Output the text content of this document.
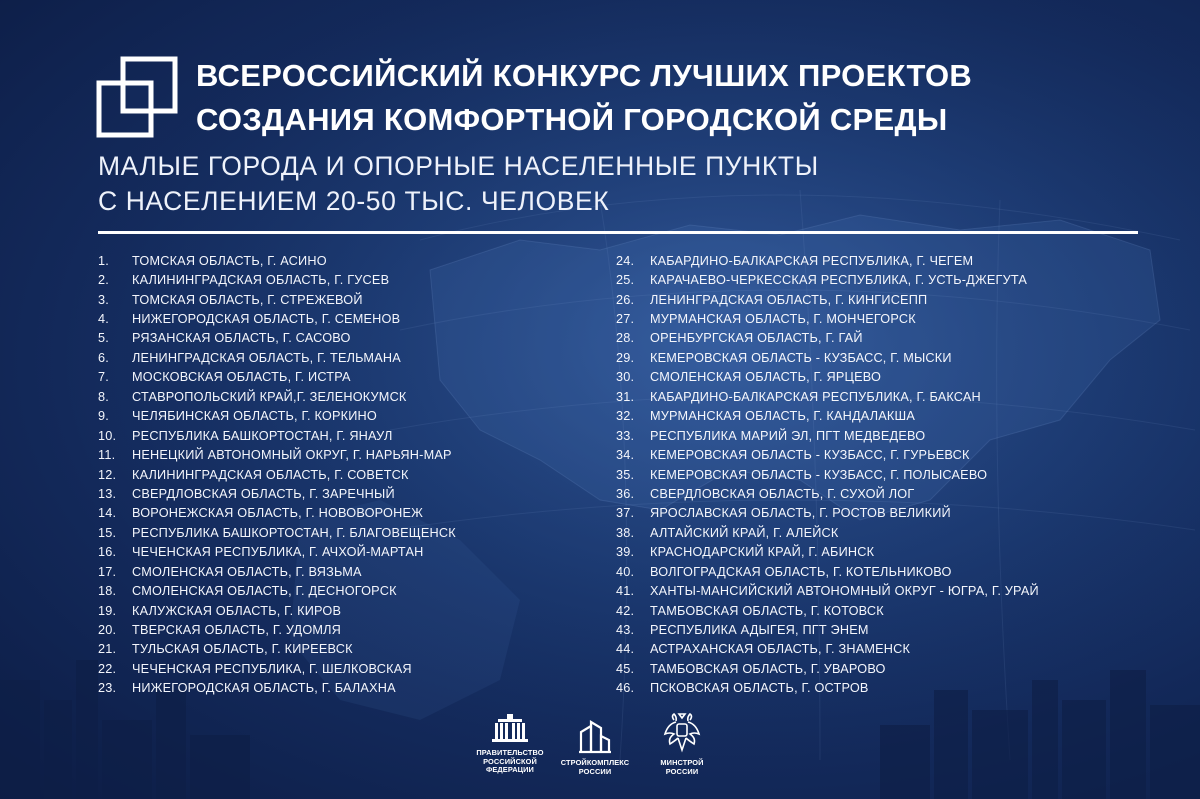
ВСЕРОССИЙСКИЙ КОНКУРС ЛУЧШИХ ПРОЕКТОВ
СОЗДАНИЯ КОМФОРТНОЙ ГОРОДСКОЙ СРЕДЫ

МАЛЫЕ ГОРОДА И ОПОРНЫЕ НАСЕЛЕННЫЕ ПУНКТЫ

С НАСЕЛЕНИЕМ 20-50 ТЫС. ЧЕЛОВЕК

1.	ТОМСКАЯ ОБЛАСТЬ, Г. АСИНО
2.	КАЛИНИНГРАДСКАЯ ОБЛАСТЬ, Г. ГУСЕВ
3.	ТОМСКАЯ ОБЛАСТЬ, Г. СТРЕЖЕВОЙ
4.	НИЖЕГОРОДСКАЯ ОБЛАСТЬ, Г. СЕМЕНОВ
5.	РЯЗАНСКАЯ ОБЛАСТЬ, Г. САСОВО
6.	ЛЕНИНГРАДСКАЯ ОБЛАСТЬ, Г. ТЕЛЬМАНА
7.	МОСКОВСКАЯ ОБЛАСТЬ, Г. ИСТРА
8.	СТАВРОПОЛЬСКИЙ КРАЙ,Г. ЗЕЛЕНОКУМСК
9.	ЧЕЛЯБИНСКАЯ ОБЛАСТЬ, Г. КОРКИНО
10.	РЕСПУБЛИКА БАШКОРТОСТАН, Г. ЯНАУЛ
11.	НЕНЕЦКИЙ АВТОНОМНЫЙ ОКРУГ, Г. НАРЬЯН-МАР
12.	КАЛИНИНГРАДСКАЯ ОБЛАСТЬ, Г. СОВЕТСК
13.	СВЕРДЛОВСКАЯ ОБЛАСТЬ, Г. ЗАРЕЧНЫЙ
14.	ВОРОНЕЖСКАЯ ОБЛАСТЬ, Г. НОВОВОРОНЕЖ
15.	РЕСПУБЛИКА БАШКОРТОСТАН, Г. БЛАГОВЕЩЕНСК
16.	ЧЕЧЕНСКАЯ РЕСПУБЛИКА, Г. АЧХОЙ-МАРТАН
17.	СМОЛЕНСКАЯ ОБЛАСТЬ, Г. ВЯЗЬМА
18.	СМОЛЕНСКАЯ ОБЛАСТЬ, Г. ДЕСНОГОРСК
19.	КАЛУЖСКАЯ ОБЛАСТЬ, Г. КИРОВ
20.	ТВЕРСКАЯ ОБЛАСТЬ, Г. УДОМЛЯ
21.	ТУЛЬСКАЯ ОБЛАСТЬ, Г. КИРЕЕВСК
22.	ЧЕЧЕНСКАЯ РЕСПУБЛИКА, Г. ШЕЛКОВСКАЯ
23.	НИЖЕГОРОДСКАЯ ОБЛАСТЬ, Г. БАЛАХНА
24.	КАБАРДИНО-БАЛКАРСКАЯ РЕСПУБЛИКА, Г. ЧЕГЕМ
25.	КАРАЧАЕВО-ЧЕРКЕССКАЯ РЕСПУБЛИКА, Г. УСТЬ-ДЖЕГУТА
26.	ЛЕНИНГРАДСКАЯ ОБЛАСТЬ, Г. КИНГИСЕПП
27.	МУРМАНСКАЯ ОБЛАСТЬ, Г. МОНЧЕГОРСК
28.	ОРЕНБУРГСКАЯ ОБЛАСТЬ, Г. ГАЙ
29.	КЕМЕРОВСКАЯ ОБЛАСТЬ - КУЗБАСС, Г. МЫСКИ
30.	СМОЛЕНСКАЯ ОБЛАСТЬ, Г. ЯРЦЕВО
31.	КАБАРДИНО-БАЛКАРСКАЯ РЕСПУБЛИКА, Г. БАКСАН
32.	МУРМАНСКАЯ ОБЛАСТЬ, Г. КАНДАЛАКША
33.	РЕСПУБЛИКА МАРИЙ ЭЛ, ПГТ МЕДВЕДЕВО
34.	КЕМЕРОВСКАЯ ОБЛАСТЬ - КУЗБАСС, Г. ГУРЬЕВСК
35.	КЕМЕРОВСКАЯ ОБЛАСТЬ - КУЗБАСС, Г. ПОЛЫСАЕВО
36.	СВЕРДЛОВСКАЯ ОБЛАСТЬ, Г. СУХОЙ ЛОГ
37.	ЯРОСЛАВСКАЯ ОБЛАСТЬ, Г. РОСТОВ ВЕЛИКИЙ
38.	АЛТАЙСКИЙ КРАЙ, Г. АЛЕЙСК
39.	КРАСНОДАРСКИЙ КРАЙ, Г. АБИНСК
40.	ВОЛГОГРАДСКАЯ ОБЛАСТЬ, Г. КОТЕЛЬНИКОВО
41.	ХАНТЫ-МАНСИЙСКИЙ АВТОНОМНЫЙ ОКРУГ - ЮГРА, Г. УРАЙ
42.	ТАМБОВСКАЯ ОБЛАСТЬ, Г. КОТОВСК
43.	РЕСПУБЛИКА АДЫГЕЯ, ПГТ ЭНЕМ
44.	АСТРАХАНСКАЯ ОБЛАСТЬ, Г. ЗНАМЕНСК
45.	ТАМБОВСКАЯ ОБЛАСТЬ, Г. УВАРОВО
46.	ПСКОВСКАЯ ОБЛАСТЬ, Г. ОСТРОВ
ПРАВИТЕЛЬСТВО
РОССИЙСКОЙ
ФЕДЕРАЦИИ
СТРОЙКОМПЛЕКС
РОССИИ
МИНСТРОЙ
РОССИИ
